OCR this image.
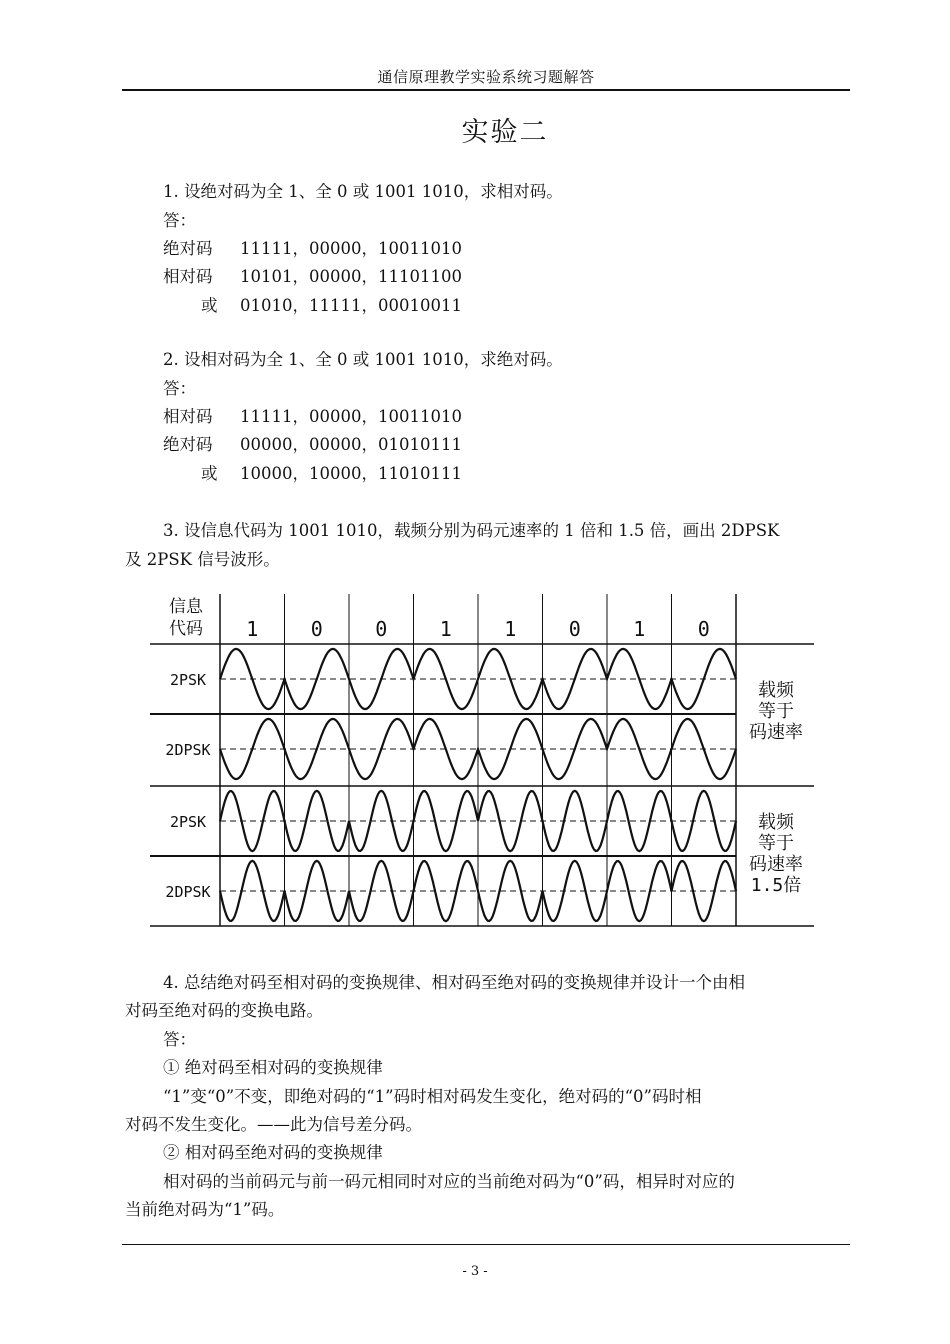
通信原理教学实验系统习题解答
实验二
1. 设绝对码为全 1、全 0 或 1001 1010，求相对码。
答：
绝对码 11111，00000，10011010
相对码 10101，00000，11101100
或 01010，11111，00010011
2. 设相对码为全 1、全 0 或 1001 1010，求绝对码。
答：
相对码 11111，00000，10011010
绝对码 00000，00000，01010111
或 10000，10000，11010111
3. 设信息代码为 1001 1010，载频分别为码元速率的 1 倍和 1.5 倍，画出 2DPSK
及 2PSK 信号波形。
信息
代码 1	0	0	1	1	0	1	0
2PSK
2DPSK
2PSK
2DPSK
载频
等于
码速率
载频
等于
码速率
1.5倍
4. 总结绝对码至相对码的变换规律、相对码至绝对码的变换规律并设计一个由相
对码至绝对码的变换电路。
答：
① 绝对码至相对码的变换规律
“1”变“0”不变，即绝对码的“1”码时相对码发生变化，绝对码的“0”码时相
对码不发生变化。——此为信号差分码。
② 相对码至绝对码的变换规律
相对码的当前码元与前一码元相同时对应的当前绝对码为“0”码，相异时对应的
当前绝对码为“1”码。
- 3 -
